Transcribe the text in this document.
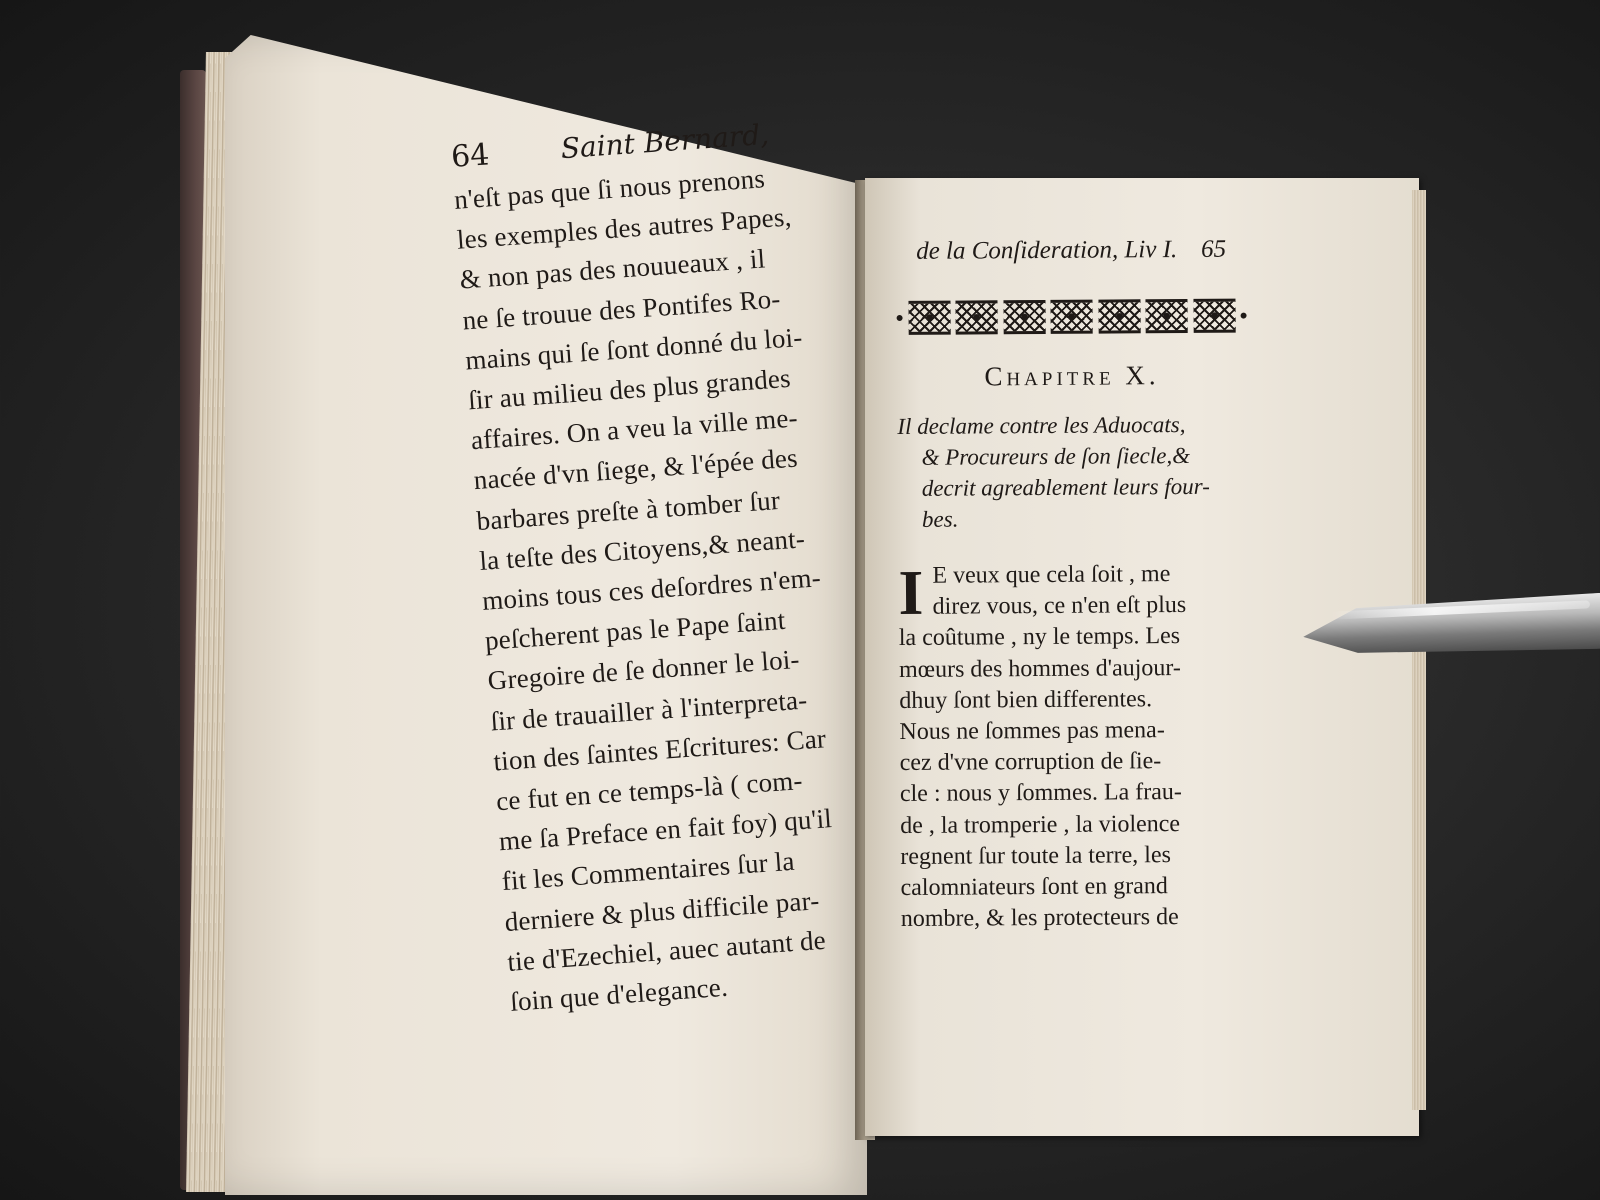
64 Saint Bernard,
n'eſt pas que ſi nous prenons
les exemples des autres Papes,
& non pas des nouueaux , il
ne ſe trouue des Pontifes Ro-
mains qui ſe ſont donné du loi-
ſir au milieu des plus grandes
affaires. On a veu la ville me-
nacée d'vn ſiege, & l'épée des
barbares preſte à tomber ſur
la teſte des Citoyens,& neant-
moins tous ces deſordres n'em-
peſcherent pas le Pape ſaint
Gregoire de ſe donner le loi-
ſir de trauailler à l'interpreta-
tion des ſaintes Eſcritures: Car
ce fut en ce temps-là ( com-
me ſa Preface en fait foy) qu'il
fit les Commentaires ſur la
derniere & plus difficile par-
tie d'Ezechiel, auec autant de
ſoin que d'elegance.
de la Conſideration, Liv I. 65
Chapitre X.
Il declame contre les Aduocats,
& Procureurs de ſon ſiecle,&
decrit agreablement leurs four-
bes.
I E veux que cela ſoit , me
direz vous, ce n'en eſt plus
la coûtume , ny le temps. Les
mœurs des hommes d'aujour-
dhuy ſont bien differentes.
Nous ne ſommes pas mena-
cez d'vne corruption de ſie-
cle : nous y ſommes. La frau-
de , la tromperie , la violence
regnent ſur toute la terre, les
calomniateurs ſont en grand
nombre, & les protecteurs de
